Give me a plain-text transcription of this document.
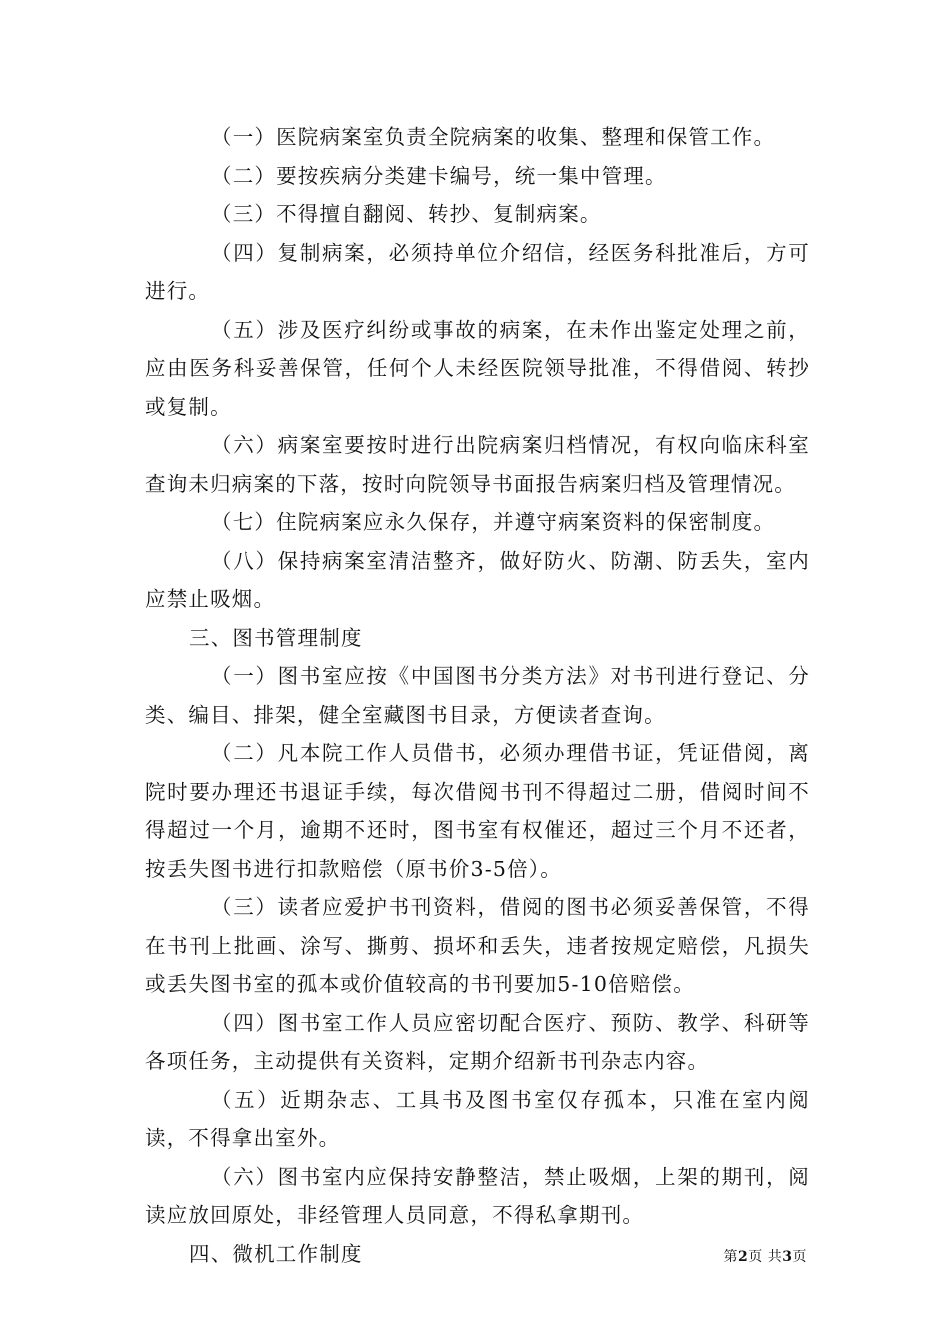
（一）医院病案室负责全院病案的收集、整理和保管工作。

（二）要按疾病分类建卡编号，统一集中管理。

（三）不得擅自翻阅、转抄、复制病案。

（四）复制病案，必须持单位介绍信，经医务科批准后，方可进行。

（五）涉及医疗纠纷或事故的病案，在未作出鉴定处理之前，应由医务科妥善保管，任何个人未经医院领导批准，不得借阅、转抄或复制。

（六）病案室要按时进行出院病案归档情况，有权向临床科室查询未归病案的下落，按时向院领导书面报告病案归档及管理情况。

（七）住院病案应永久保存，并遵守病案资料的保密制度。

（八）保持病案室清洁整齐，做好防火、防潮、防丢失，室内应禁止吸烟。

三、图书管理制度

（一）图书室应按《中国图书分类方法》对书刊进行登记、分类、编目、排架，健全室藏图书目录，方便读者查询。

（二）凡本院工作人员借书，必须办理借书证，凭证借阅，离院时要办理还书退证手续，每次借阅书刊不得超过二册，借阅时间不得超过一个月，逾期不还时，图书室有权催还，超过三个月不还者，按丢失图书进行扣款赔偿（原书价3-5倍）。

（三）读者应爱护书刊资料，借阅的图书必须妥善保管，不得在书刊上批画、涂写、撕剪、损坏和丢失，违者按规定赔偿，凡损失或丢失图书室的孤本或价值较高的书刊要加5-10倍赔偿。

（四）图书室工作人员应密切配合医疗、预防、教学、科研等各项任务，主动提供有关资料，定期介绍新书刊杂志内容。

（五）近期杂志、工具书及图书室仅存孤本，只准在室内阅读，不得拿出室外。

（六）图书室内应保持安静整洁，禁止吸烟，上架的期刊，阅读应放回原处，非经管理人员同意，不得私拿期刊。

四、微机工作制度	第2页 共3页
